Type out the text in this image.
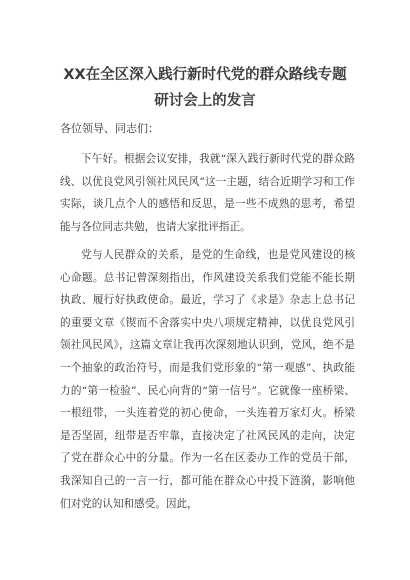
XX在全区深入践行新时代党的群众路线专题研讨会上的发言
各位领导、同志们：
下午好。根据会议安排，我就“深入践行新时代党的群众路线、以优良党风引领社风民风”这一主题，结合近期学习和工作实际，谈几点个人的感悟和反思，是一些不成熟的思考，希望能与各位同志共勉，也请大家批评指正。
党与人民群众的关系，是党的生命线，也是党风建设的核心命题。总书记曾深刻指出，作风建设关系我们党能不能长期执政、履行好执政使命。最近，学习了《求是》杂志上总书记的重要文章《锲而不舍落实中央八项规定精神，以优良党风引领社风民风》，这篇文章让我再次深刻地认识到，党风，绝不是一个抽象的政治符号，而是我们党形象的“第一观感”、执政能力的“第一检验”、民心向背的“第一信号”。它就像一座桥梁、一根纽带，一头连着党的初心使命，一头连着万家灯火。桥梁是否坚固，纽带是否牢靠，直接决定了社风民风的走向，决定了党在群众心中的分量。作为一名在区委办工作的党员干部，我深知自己的一言一行，都可能在群众心中投下涟漪，影响他们对党的认知和感受。因此，
